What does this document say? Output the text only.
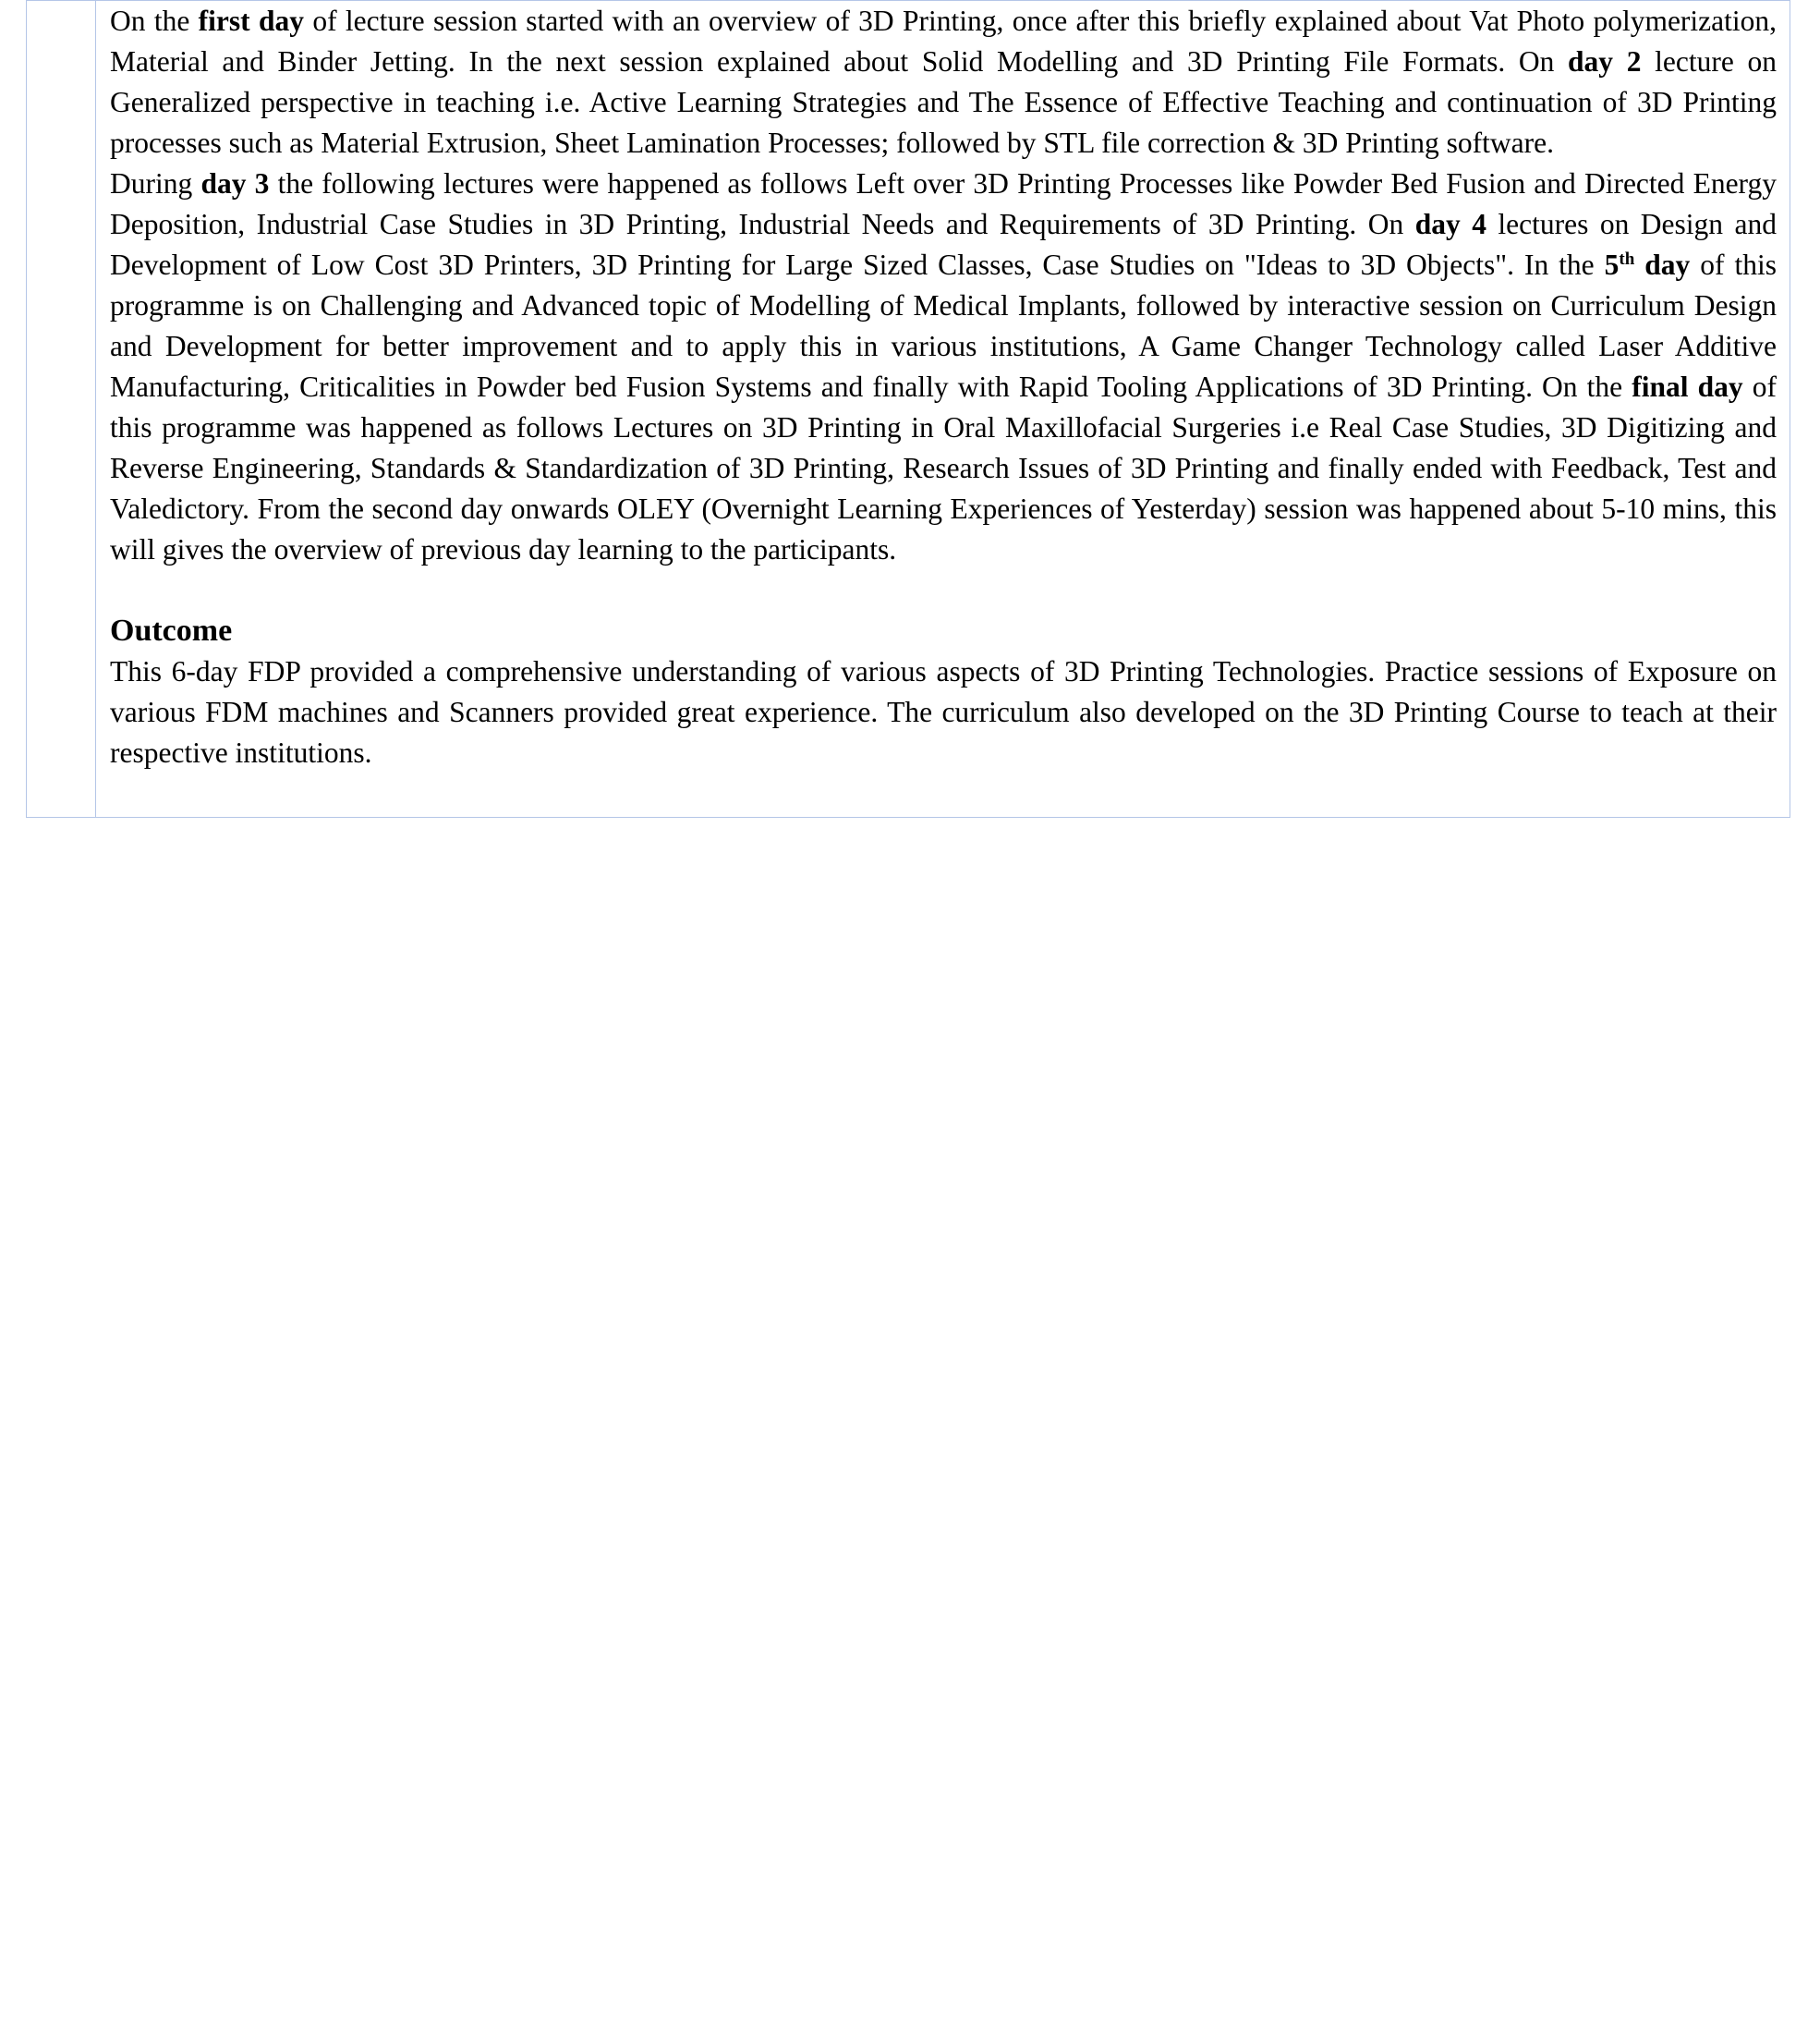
On the first day of lecture session started with an overview of 3D Printing, once after this briefly explained about Vat Photo polymerization, Material and Binder Jetting. In the next session explained about Solid Modelling and 3D Printing File Formats. On day 2 lecture on Generalized perspective in teaching i.e. Active Learning Strategies and The Essence of Effective Teaching and continuation of 3D Printing processes such as Material Extrusion, Sheet Lamination Processes; followed by STL file correction & 3D Printing software.

During day 3 the following lectures were happened as follows Left over 3D Printing Processes like Powder Bed Fusion and Directed Energy Deposition, Industrial Case Studies in 3D Printing, Industrial Needs and Requirements of 3D Printing. On day 4 lectures on Design and Development of Low Cost 3D Printers, 3D Printing for Large Sized Classes, Case Studies on "Ideas to 3D Objects". In the 5th day of this programme is on Challenging and Advanced topic of Modelling of Medical Implants, followed by interactive session on Curriculum Design and Development for better improvement and to apply this in various institutions, A Game Changer Technology called Laser Additive Manufacturing, Criticalities in Powder bed Fusion Systems and finally with Rapid Tooling Applications of 3D Printing. On the final day of this programme was happened as follows Lectures on 3D Printing in Oral Maxillofacial Surgeries i.e Real Case Studies, 3D Digitizing and Reverse Engineering, Standards & Standardization of 3D Printing, Research Issues of 3D Printing and finally ended with Feedback, Test and Valedictory. From the second day onwards OLEY (Overnight Learning Experiences of Yesterday) session was happened about 5-10 mins, this will gives the overview of previous day learning to the participants.

Outcome

This 6-day FDP provided a comprehensive understanding of various aspects of 3D Printing Technologies. Practice sessions of Exposure on various FDM machines and Scanners provided great experience. The curriculum also developed on the 3D Printing Course to teach at their respective institutions.
